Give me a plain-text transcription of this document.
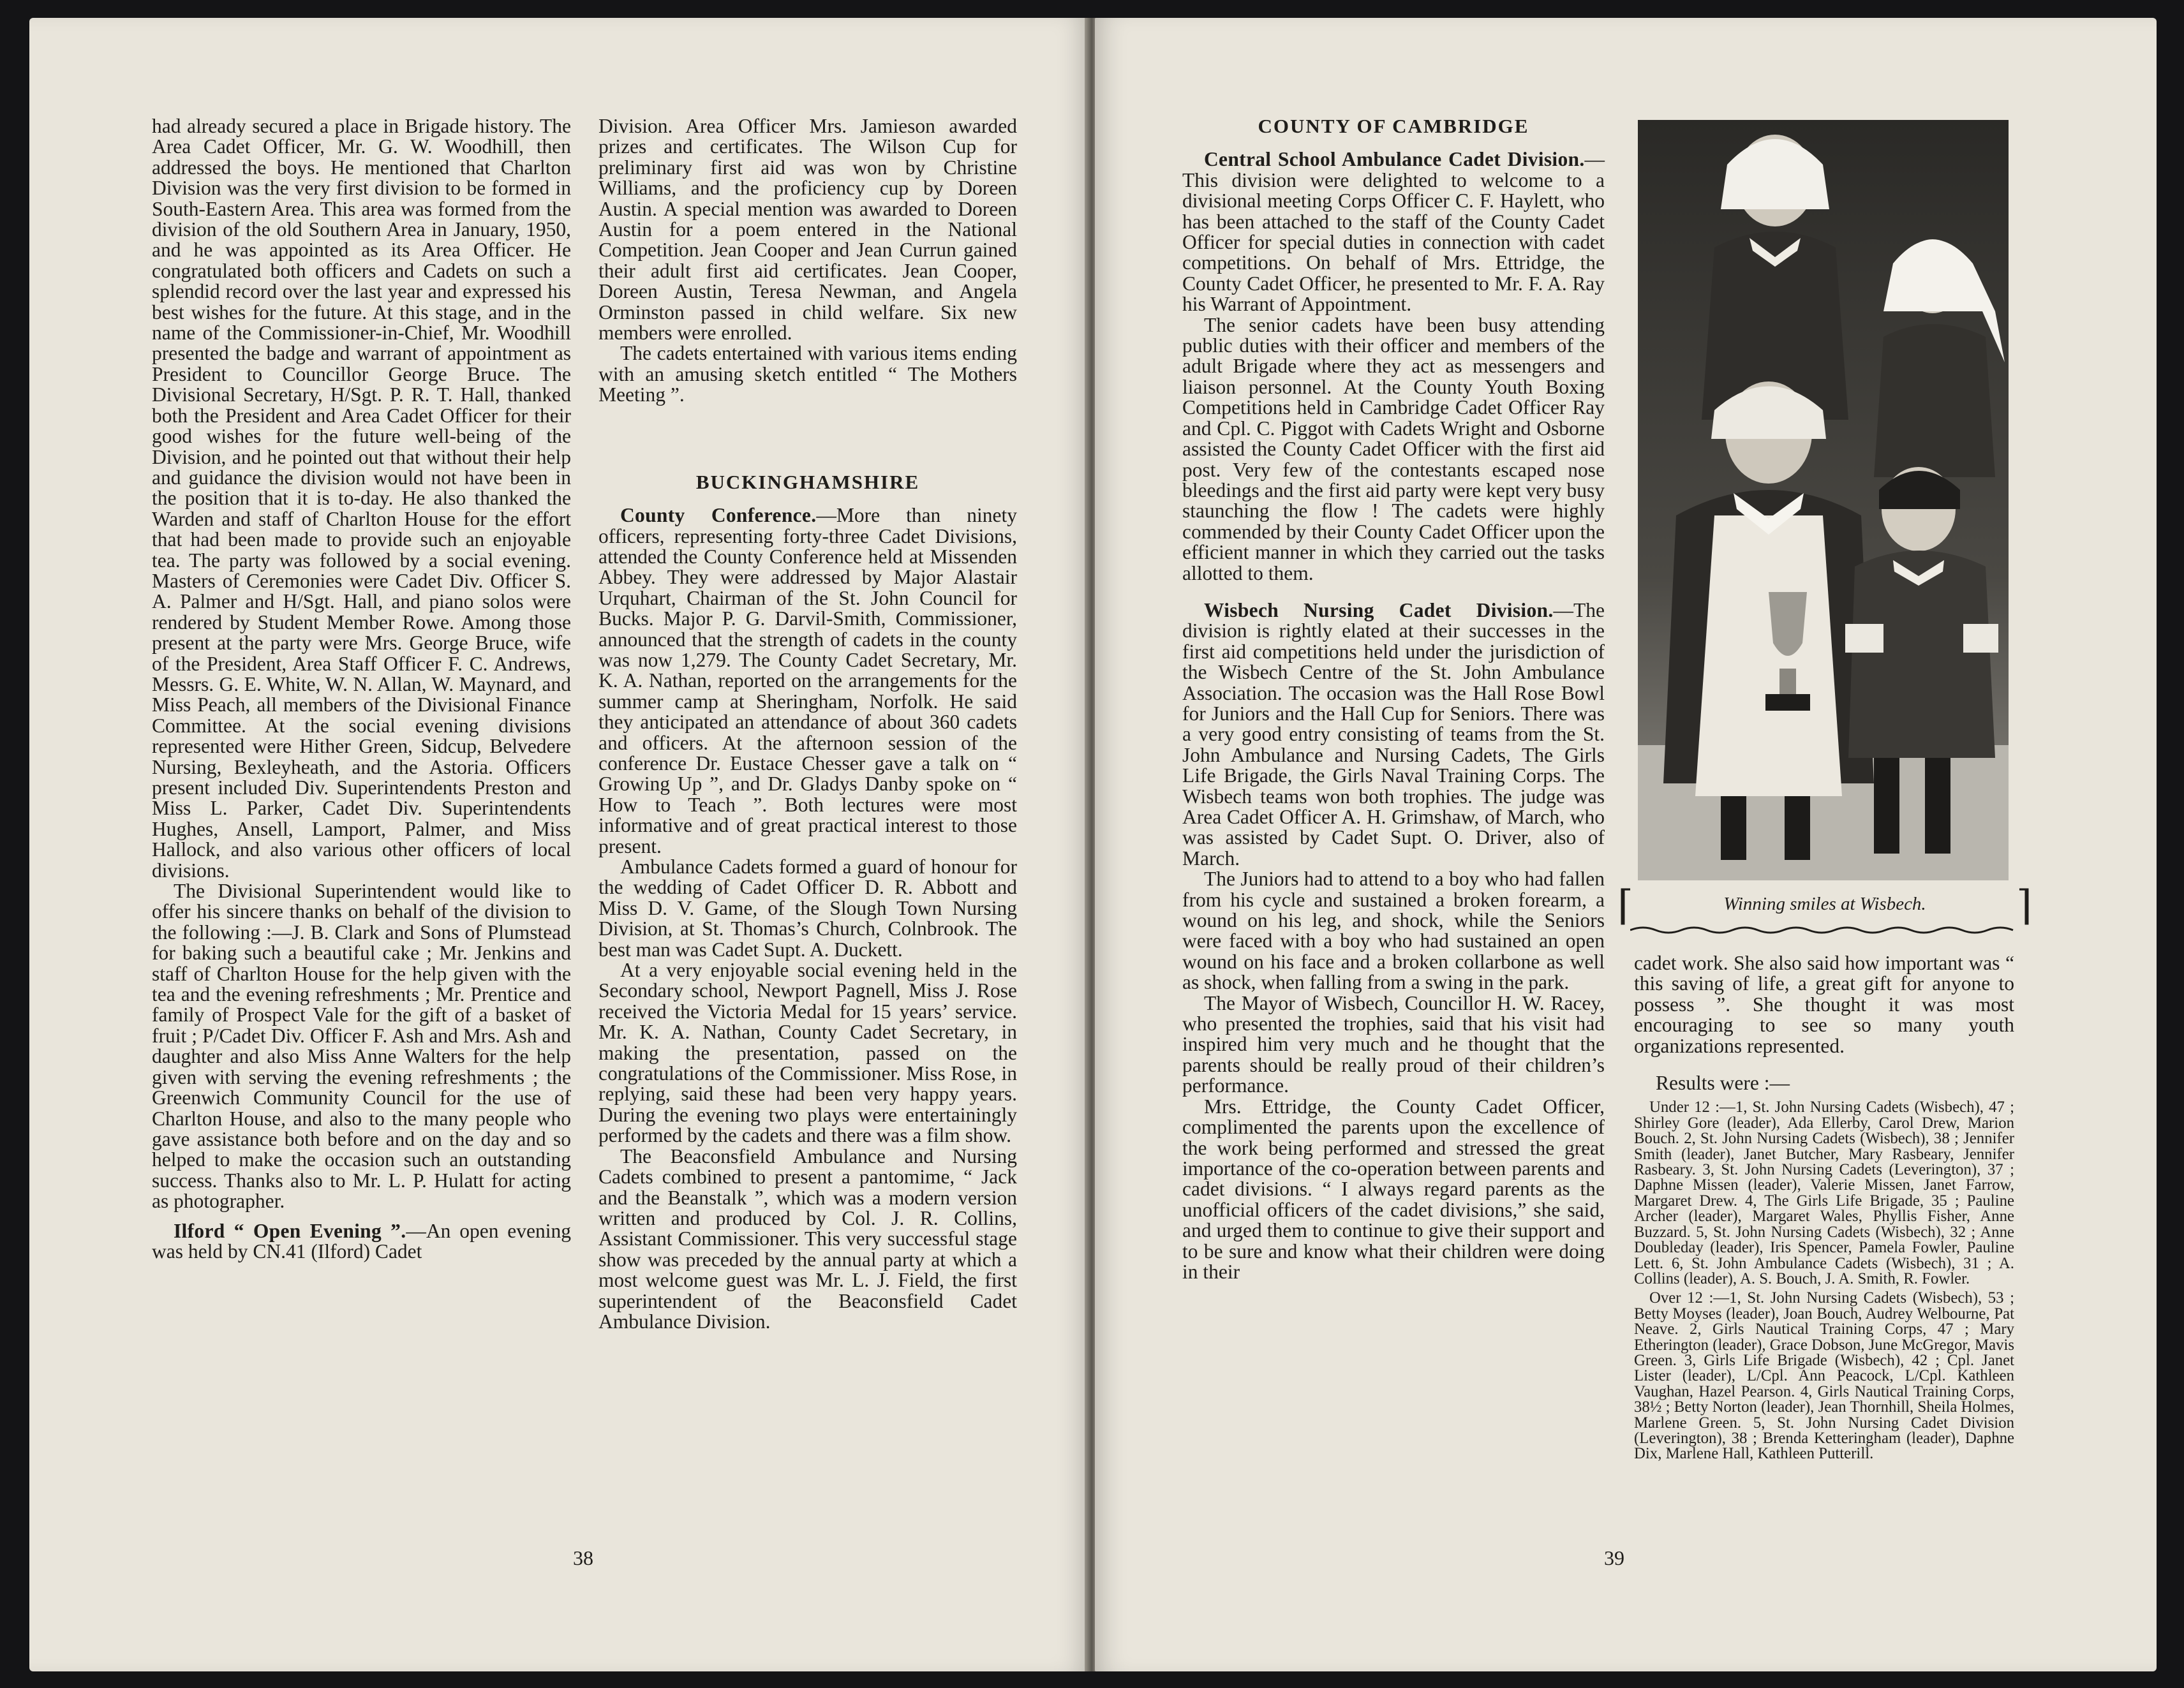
had already secured a place in Brigade history. The Area Cadet Officer, Mr. G. W. Woodhill, then addressed the boys. He mentioned that Charlton Division was the very first division to be formed in South-Eastern Area. This area was formed from the division of the old Southern Area in January, 1950, and he was appointed as its Area Officer. He congratulated both officers and Cadets on such a splendid record over the last year and expressed his best wishes for the future. At this stage, and in the name of the Commissioner-in-Chief, Mr. Woodhill presented the badge and warrant of appointment as President to Councillor George Bruce. The Divisional Secretary, H/Sgt. P. R. T. Hall, thanked both the President and Area Cadet Officer for their good wishes for the future well-being of the Division, and he pointed out that without their help and guidance the division would not have been in the position that it is to-day. He also thanked the Warden and staff of Charlton House for the effort that had been made to provide such an enjoyable tea. The party was followed by a social evening. Masters of Ceremonies were Cadet Div. Officer S. A. Palmer and H/Sgt. Hall, and piano solos were rendered by Student Member Rowe. Among those present at the party were Mrs. George Bruce, wife of the President, Area Staff Officer F. C. Andrews, Messrs. G. E. White, W. N. Allan, W. Maynard, and Miss Peach, all members of the Divisional Finance Committee. At the social evening divisions represented were Hither Green, Sidcup, Belvedere Nursing, Bexleyheath, and the Astoria. Officers present included Div. Superintendents Preston and Miss L. Parker, Cadet Div. Superintendents Hughes, Ansell, Lamport, Palmer, and Miss Hallock, and also various other officers of local divisions.

The Divisional Superintendent would like to offer his sincere thanks on behalf of the division to the following :—J. B. Clark and Sons of Plumstead for baking such a beautiful cake ; Mr. Jenkins and staff of Charlton House for the help given with the tea and the evening refreshments ; Mr. Prentice and family of Prospect Vale for the gift of a basket of fruit ; P/Cadet Div. Officer F. Ash and Mrs. Ash and daughter and also Miss Anne Walters for the help given with serving the evening refreshments ; the Greenwich Community Council for the use of Charlton House, and also to the many people who gave assistance both before and on the day and so helped to make the occasion such an outstanding success. Thanks also to Mr. L. P. Hulatt for acting as photographer.

Ilford “ Open Evening ”.—An open evening was held by CN.41 (Ilford) Cadet

Division. Area Officer Mrs. Jamieson awarded prizes and certificates. The Wilson Cup for preliminary first aid was won by Christine Williams, and the proficiency cup by Doreen Austin. A special mention was awarded to Doreen Austin for a poem entered in the National Competition. Jean Cooper and Jean Currun gained their adult first aid certificates. Jean Cooper, Doreen Austin, Teresa Newman, and Angela Orminston passed in child welfare. Six new members were enrolled.

The cadets entertained with various items ending with an amusing sketch entitled “ The Mothers Meeting ”.

BUCKINGHAMSHIRE

County Conference.—More than ninety officers, representing forty-three Cadet Divisions, attended the County Conference held at Missenden Abbey. They were addressed by Major Alastair Urquhart, Chairman of the St. John Council for Bucks. Major P. G. Darvil-Smith, Commissioner, announced that the strength of cadets in the county was now 1,279. The County Cadet Secretary, Mr. K. A. Nathan, reported on the arrangements for the summer camp at Sheringham, Norfolk. He said they anticipated an attendance of about 360 cadets and officers. At the afternoon session of the conference Dr. Eustace Chesser gave a talk on “ Growing Up ”, and Dr. Gladys Danby spoke on “ How to Teach ”. Both lectures were most informative and of great practical interest to those present.

Ambulance Cadets formed a guard of honour for the wedding of Cadet Officer D. R. Abbott and Miss D. V. Game, of the Slough Town Nursing Division, at St. Thomas’s Church, Colnbrook. The best man was Cadet Supt. A. Duckett.

At a very enjoyable social evening held in the Secondary school, Newport Pagnell, Miss J. Rose received the Victoria Medal for 15 years’ service. Mr. K. A. Nathan, County Cadet Secretary, in making the presentation, passed on the congratulations of the Commissioner. Miss Rose, in replying, said these had been very happy years. During the evening two plays were entertainingly performed by the cadets and there was a film show.

The Beaconsfield Ambulance and Nursing Cadets combined to present a pantomime, “ Jack and the Beanstalk ”, which was a modern version written and produced by Col. J. R. Collins, Assistant Commissioner. This very successful stage show was preceded by the annual party at which a most welcome guest was Mr. L. J. Field, the first superintendent of the Beaconsfield Cadet Ambulance Division.

38

COUNTY OF CAMBRIDGE

Central School Ambulance Cadet Division.—This division were delighted to welcome to a divisional meeting Corps Officer C. F. Haylett, who has been attached to the staff of the County Cadet Officer for special duties in connection with cadet competitions. On behalf of Mrs. Ettridge, the County Cadet Officer, he presented to Mr. F. A. Ray his Warrant of Appointment.

The senior cadets have been busy attending public duties with their officer and members of the adult Brigade where they act as messengers and liaison personnel. At the County Youth Boxing Competitions held in Cambridge Cadet Officer Ray and Cpl. C. Piggot with Cadets Wright and Osborne assisted the County Cadet Officer with the first aid post. Very few of the contestants escaped nose bleedings and the first aid party were kept very busy staunching the flow ! The cadets were highly commended by their County Cadet Officer upon the efficient manner in which they carried out the tasks allotted to them.

Wisbech Nursing Cadet Division.—The division is rightly elated at their successes in the first aid competitions held under the jurisdiction of the Wisbech Centre of the St. John Ambulance Association. The occasion was the Hall Rose Bowl for Juniors and the Hall Cup for Seniors. There was a very good entry consisting of teams from the St. John Ambulance and Nursing Cadets, The Girls Life Brigade, the Girls Naval Training Corps. The Wisbech teams won both trophies. The judge was Area Cadet Officer A. H. Grimshaw, of March, who was assisted by Cadet Supt. O. Driver, also of March.

The Juniors had to attend to a boy who had fallen from his cycle and sustained a broken forearm, a wound on his leg, and shock, while the Seniors were faced with a boy who had sustained an open wound on his face and a broken collarbone as well as shock, when falling from a swing in the park.

The Mayor of Wisbech, Councillor H. W. Racey, who presented the trophies, said that his visit had inspired him very much and he thought that the parents should be really proud of their children’s performance.

Mrs. Ettridge, the County Cadet Officer, complimented the parents upon the excellence of the work being performed and stressed the great importance of the co-operation between parents and cadet divisions. “ I always regard parents as the unofficial officers of the cadet divisions,” she said, and urged them to continue to give their support and to be sure and know what their children were doing in their

⌈	Winning smiles at Wisbech. ⌉

cadet work. She also said how important was “ this saving of life, a great gift for anyone to possess ”. She thought it was most encouraging to see so many youth organizations represented.

Results were :—

Under 12 :—1, St. John Nursing Cadets (Wisbech), 47 ; Shirley Gore (leader), Ada Ellerby, Carol Drew, Marion Bouch. 2, St. John Nursing Cadets (Wisbech), 38 ; Jennifer Smith (leader), Janet Butcher, Mary Rasbeary, Jennifer Rasbeary. 3, St. John Nursing Cadets (Leverington), 37 ; Daphne Missen (leader), Valerie Missen, Janet Farrow, Margaret Drew. 4, The Girls Life Brigade, 35 ; Pauline Archer (leader), Margaret Wales, Phyllis Fisher, Anne Buzzard. 5, St. John Nursing Cadets (Wisbech), 32 ; Anne Doubleday (leader), Iris Spencer, Pamela Fowler, Pauline Lett. 6, St. John Ambulance Cadets (Wisbech), 31 ; A. Collins (leader), A. S. Bouch, J. A. Smith, R. Fowler.

Over 12 :—1, St. John Nursing Cadets (Wisbech), 53 ; Betty Moyses (leader), Joan Bouch, Audrey Welbourne, Pat Neave. 2, Girls Nautical Training Corps, 47 ; Mary Etherington (leader), Grace Dobson, June McGregor, Mavis Green. 3, Girls Life Brigade (Wisbech), 42 ; Cpl. Janet Lister (leader), L/Cpl. Ann Peacock, L/Cpl. Kathleen Vaughan, Hazel Pearson. 4, Girls Nautical Training Corps, 38½ ; Betty Norton (leader), Jean Thornhill, Sheila Holmes, Marlene Green. 5, St. John Nursing Cadet Division (Leverington), 38 ; Brenda Ketteringham (leader), Daphne Dix, Marlene Hall, Kathleen Putterill.

39
